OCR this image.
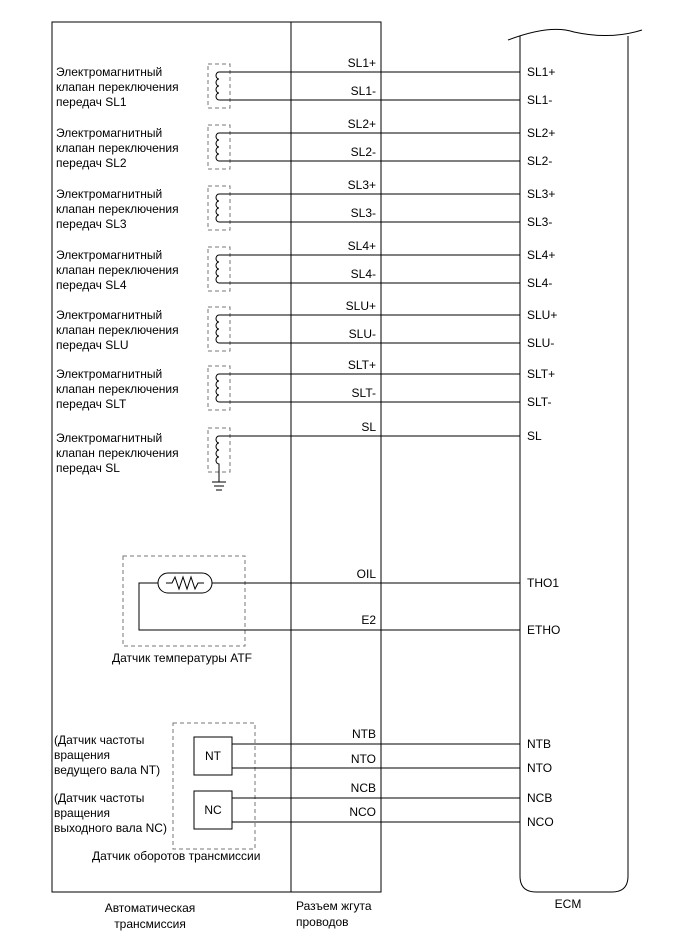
Электромагнитный
клапан переключения
передач SL1
SL1+
SL1-
SL1+
SL1-
Электромагнитный
клапан переключения
передач SL2
SL2+
SL2-
SL2+
SL2-
Электромагнитный
клапан переключения
передач SL3
SL3+
SL3-
SL3+
SL3-
Электромагнитный
клапан переключения
передач SL4
SL4+
SL4-
SL4+
SL4-
Электромагнитный
клапан переключения
передач SLU
SLU+
SLU-
SLU+
SLU-
Электромагнитный
клапан переключения
передач SLT
SLT+
SLT-
SLT+
SLT-
Электромагнитный
клапан переключения
передач SL
SL
SL
Датчик температуры ATF
OIL
E2
THO1
ETHO
NT
NC
(Датчик частоты
вращения
ведущего вала NT)
(Датчик частоты
вращения
выходного вала NC)
Датчик оборотов трансмиссии
NTB
NTO
NCB
NCO
NTB
NTO
NCB
NCO
Автоматическая
трансмиссия
Разъем жгута
проводов
ECM
